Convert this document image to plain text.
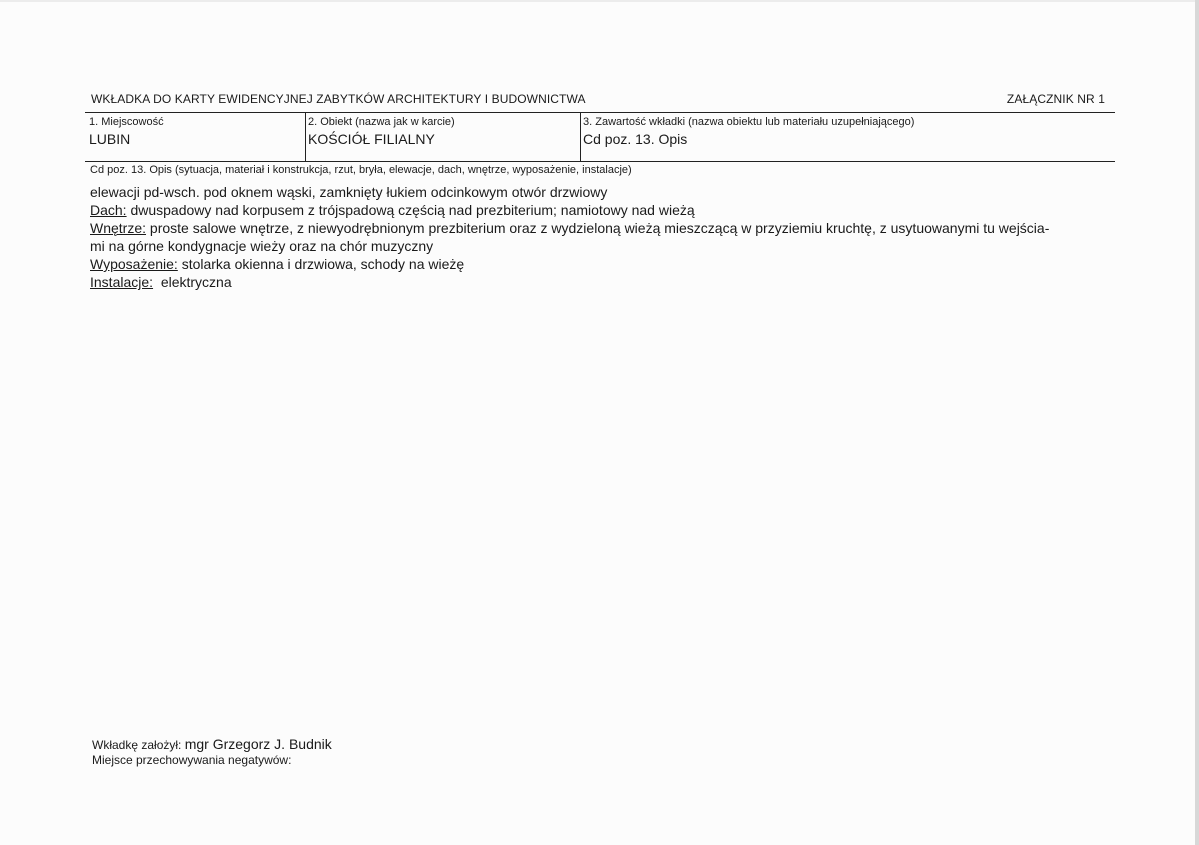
WKŁADKA DO KARTY EWIDENCYJNEJ ZABYTKÓW ARCHITEKTURY I BUDOWNICTWA	ZAŁĄCZNIK NR 1
1. Miejscowość
LUBIN
2. Obiekt (nazwa jak w karcie)
KOŚCIÓŁ FILIALNY
3. Zawartość wkładki (nazwa obiektu lub materiału uzupełniającego)
Cd poz. 13. Opis
Cd poz. 13. Opis (sytuacja, materiał i konstrukcja, rzut, bryła, elewacje, dach, wnętrze, wyposażenie, instalacje)
elewacji pd-wsch. pod oknem wąski, zamknięty łukiem odcinkowym otwór drzwiowy
Dach: dwuspadowy nad korpusem z trójspadową częścią nad prezbiterium; namiotowy nad wieżą
Wnętrze: proste salowe wnętrze, z niewyodrębnionym prezbiterium oraz z wydzieloną wieżą mieszczącą w przyziemiu kruchtę, z usytuowanymi tu wejścia-
mi na górne kondygnacje wieży oraz na chór muzyczny
Wyposażenie: stolarka okienna i drzwiowa, schody na wieżę
Instalacje:  elektryczna
Wkładkę założył: mgr Grzegorz J. Budnik
Miejsce przechowywania negatywów:
